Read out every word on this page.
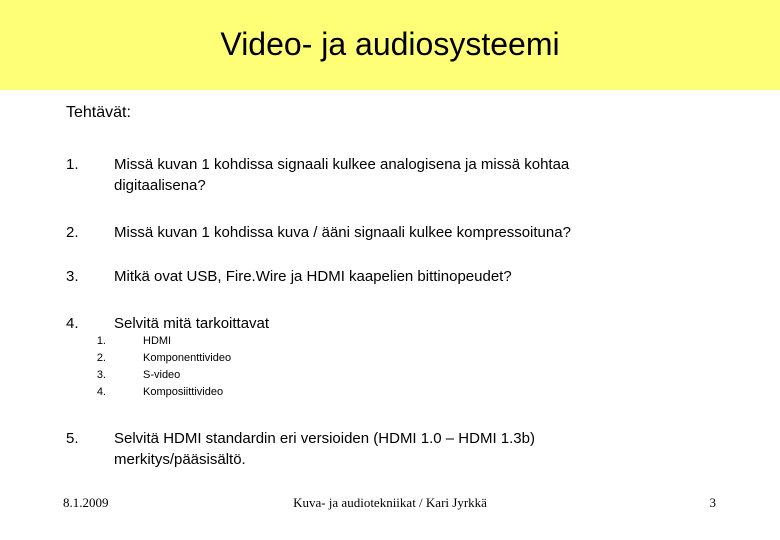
Video- ja audiosysteemi
Tehtävät:
1. Missä kuvan 1 kohdissa signaali kulkee analogisena ja missä kohtaa digitaalisena?
2. Missä kuvan 1 kohdissa kuva / ääni signaali kulkee kompressoituna?
3. Mitkä ovat USB, Fire.Wire ja HDMI kaapelien bittinopeudet?
4. Selvitä mitä tarkoittavat
1.	HDMI
2.	Komponenttivideo
3.	S-video
4.	Komposiittivideo
5. Selvitä HDMI standardin eri versioiden (HDMI 1.0 – HDMI 1.3b) merkitys/pääsisältö.
8.1.2009	Kuva- ja audiotekniikat / Kari Jyrkkä	3
